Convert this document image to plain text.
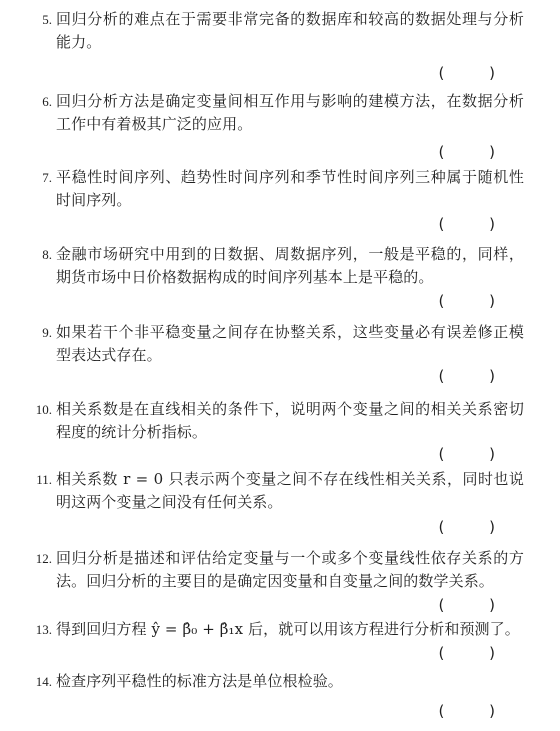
5. 回归分析的难点在于需要非常完备的数据库和较高的数据处理与分析能力。
( )
6. 回归分析方法是确定变量间相互作用与影响的建模方法，在数据分析工作中有着极其广泛的应用。
( )
7. 平稳性时间序列、趋势性时间序列和季节性时间序列三种属于随机性时间序列。
( )
8. 金融市场研究中用到的日数据、周数据序列，一般是平稳的，同样，期货市场中日价格数据构成的时间序列基本上是平稳的。
( )
9. 如果若干个非平稳变量之间存在协整关系，这些变量必有误差修正模型表达式存在。
( )
10. 相关系数是在直线相关的条件下，说明两个变量之间的相关关系密切程度的统计分析指标。
( )
11. 相关系数 r = 0 只表示两个变量之间不存在线性相关关系，同时也说明这两个变量之间没有任何关系。
( )
12. 回归分析是描述和评估给定变量与一个或多个变量线性依存关系的方法。回归分析的主要目的是确定因变量和自变量之间的数学关系。
( )
13. 得到回归方程 ŷ = β̂₀ + β̂₁x 后，就可以用该方程进行分析和预测了。
( )
14. 检查序列平稳性的标准方法是单位根检验。
( )
